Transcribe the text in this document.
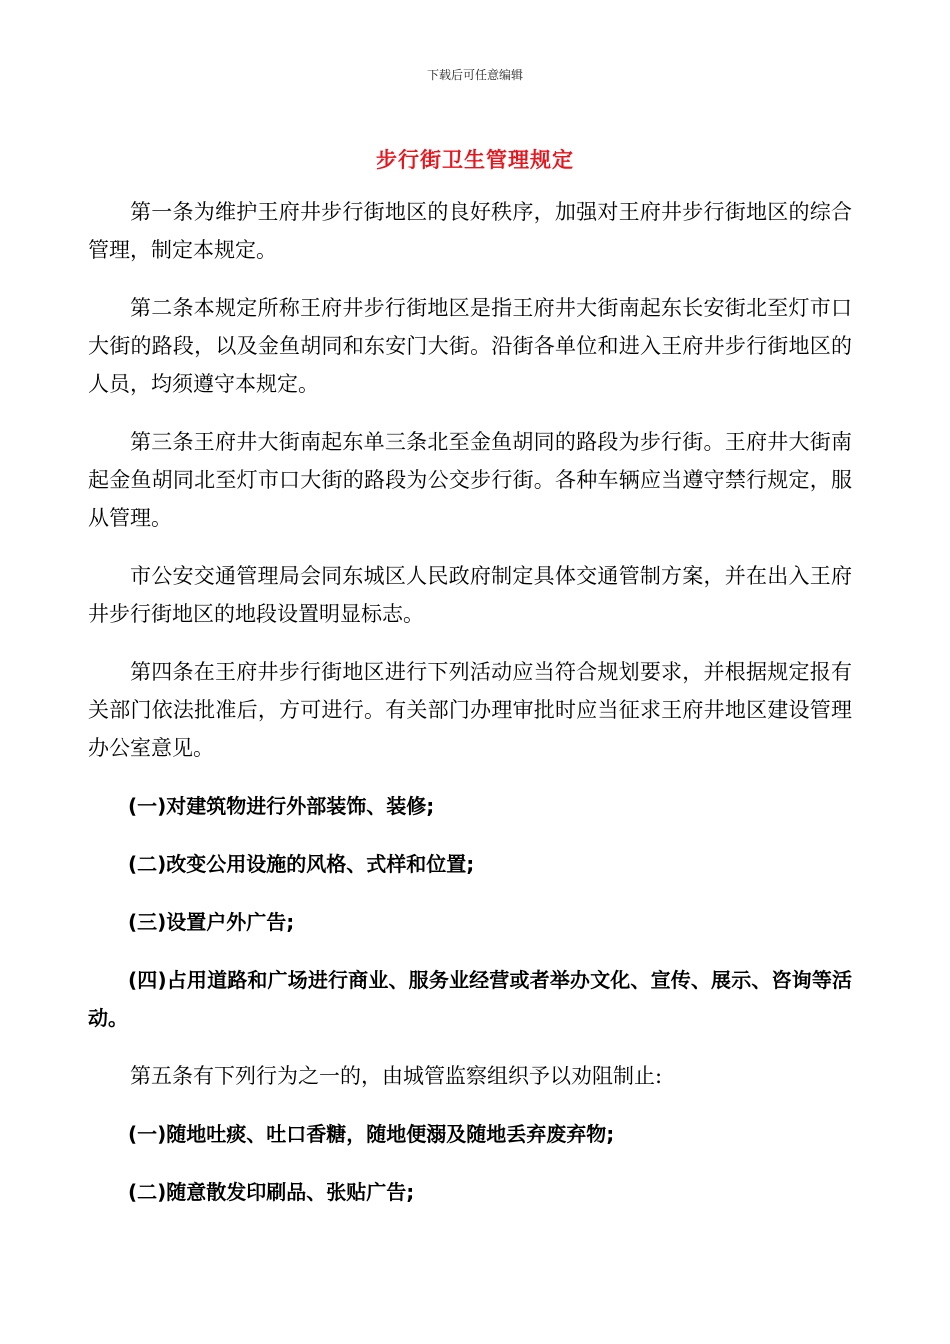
下载后可任意编辑
步行街卫生管理规定

第一条为维护王府井步行街地区的良好秩序，加强对王府井步行街地区的综合管理，制定本规定。

第二条本规定所称王府井步行街地区是指王府井大街南起东长安街北至灯市口大街的路段，以及金鱼胡同和东安门大街。沿街各单位和进入王府井步行街地区的人员，均须遵守本规定。

第三条王府井大街南起东单三条北至金鱼胡同的路段为步行街。王府井大街南起金鱼胡同北至灯市口大街的路段为公交步行街。各种车辆应当遵守禁行规定，服从管理。

市公安交通管理局会同东城区人民政府制定具体交通管制方案，并在出入王府井步行街地区的地段设置明显标志。

第四条在王府井步行街地区进行下列活动应当符合规划要求，并根据规定报有关部门依法批准后，方可进行。有关部门办理审批时应当征求王府井地区建设管理办公室意见。

(一)对建筑物进行外部装饰、装修;

(二)改变公用设施的风格、式样和位置;

(三)设置户外广告;

(四)占用道路和广场进行商业、服务业经营或者举办文化、宣传、展示、咨询等活动。

第五条有下列行为之一的，由城管监察组织予以劝阻制止:

(一)随地吐痰、吐口香糖，随地便溺及随地丢弃废弃物;

(二)随意散发印刷品、张贴广告;
